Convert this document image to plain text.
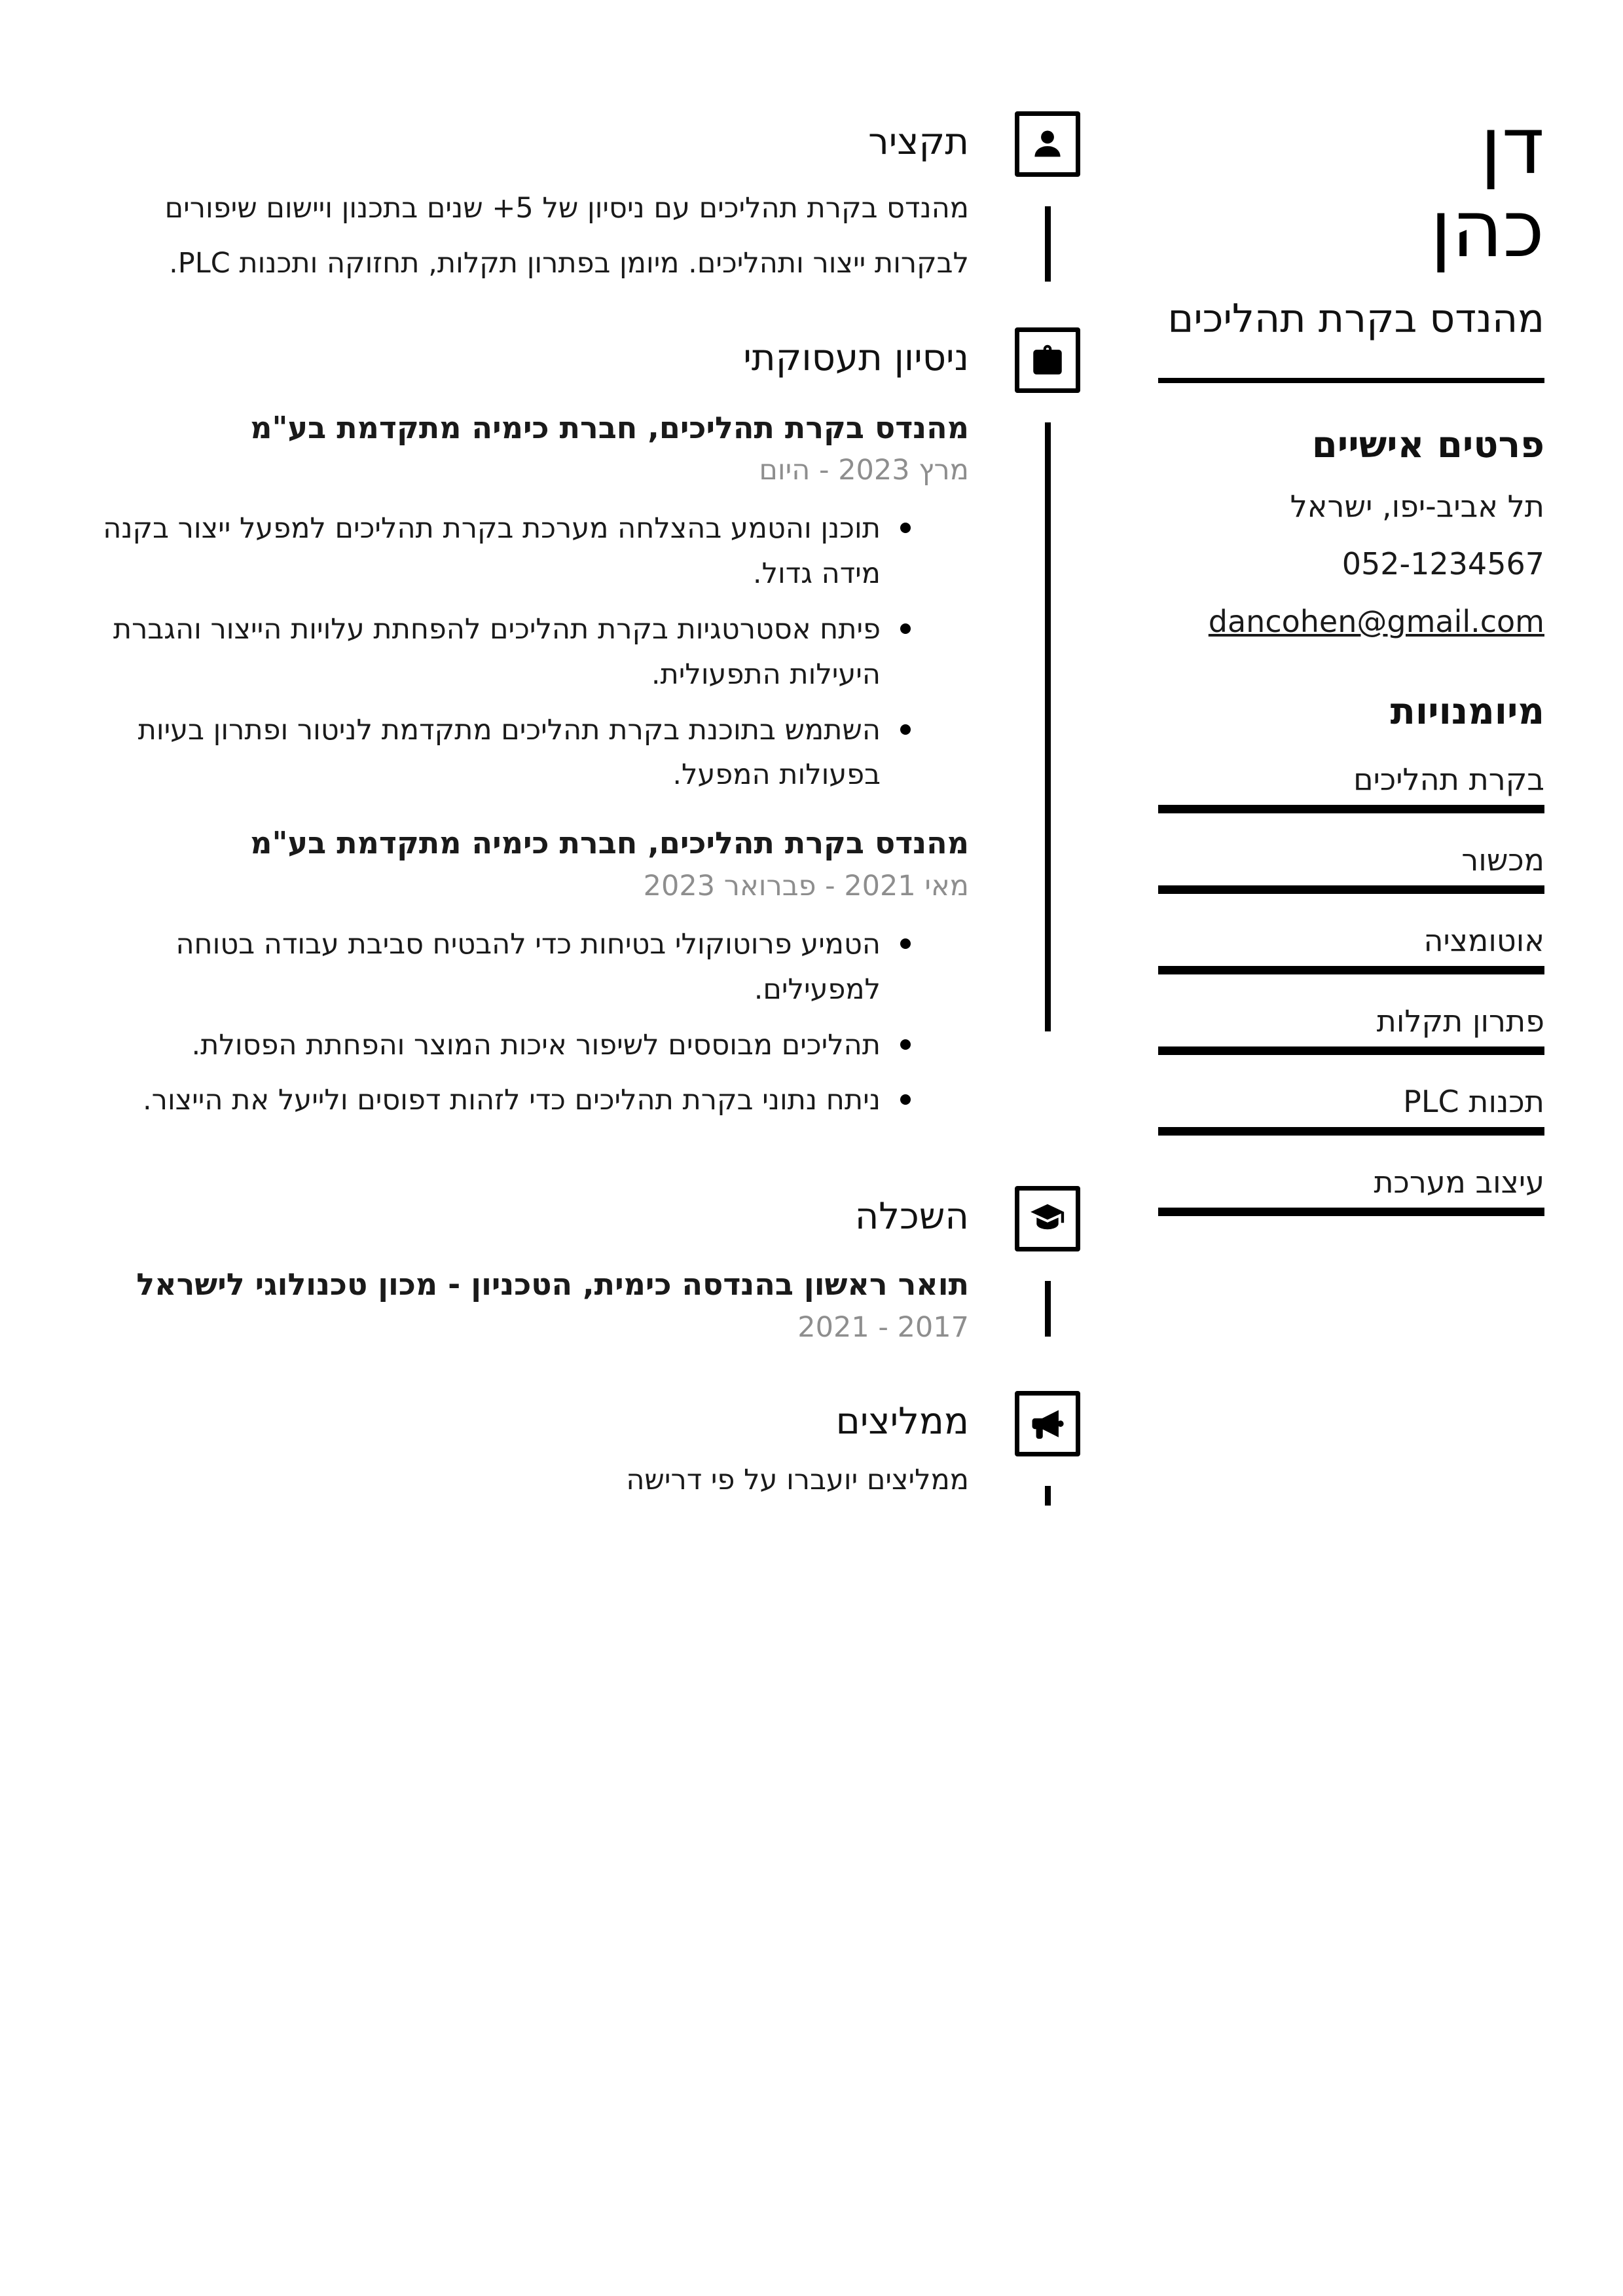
דן
כהן
מהנדס בקרת תהליכים
פרטים אישיים
תל אביב-יפו, ישראל
052-1234567
dancohen@gmail.com
מיומנויות
בקרת תהליכים
מכשור
אוטומציה
פתרון תקלות
תכנות PLC
עיצוב מערכת
תקציר
מהנדס בקרת תהליכים עם ניסיון של 5+ שנים בתכנון ויישום שיפורים לבקרות ייצור ותהליכים. מיומן בפתרון תקלות, תחזוקה ותכנות PLC.
ניסיון תעסוקתי
מהנדס בקרת תהליכים, חברת כימיה מתקדמת בע"מ
מרץ 2023 - היום
תוכנן והטמע בהצלחה מערכת בקרת תהליכים למפעל ייצור בקנה מידה גדול.
פיתח אסטרטגיות בקרת תהליכים להפחתת עלויות הייצור והגברת היעילות התפעולית.
השתמש בתוכנת בקרת תהליכים מתקדמת לניטור ופתרון בעיות בפעולות המפעל.
מהנדס בקרת תהליכים, חברת כימיה מתקדמת בע"מ
מאי 2021 - פברואר 2023
הטמיע פרוטוקולי בטיחות כדי להבטיח סביבת עבודה בטוחה למפעילים.
תהליכים מבוססים לשיפור איכות המוצר והפחתת הפסולת.
ניתח נתוני בקרת תהליכים כדי לזהות דפוסים ולייעל את הייצור.
השכלה
תואר ראשון בהנדסה כימית, הטכניון - מכון טכנולוגי לישראל
2017 - 2021
ממליצים
ממליצים יועברו על פי דרישה
